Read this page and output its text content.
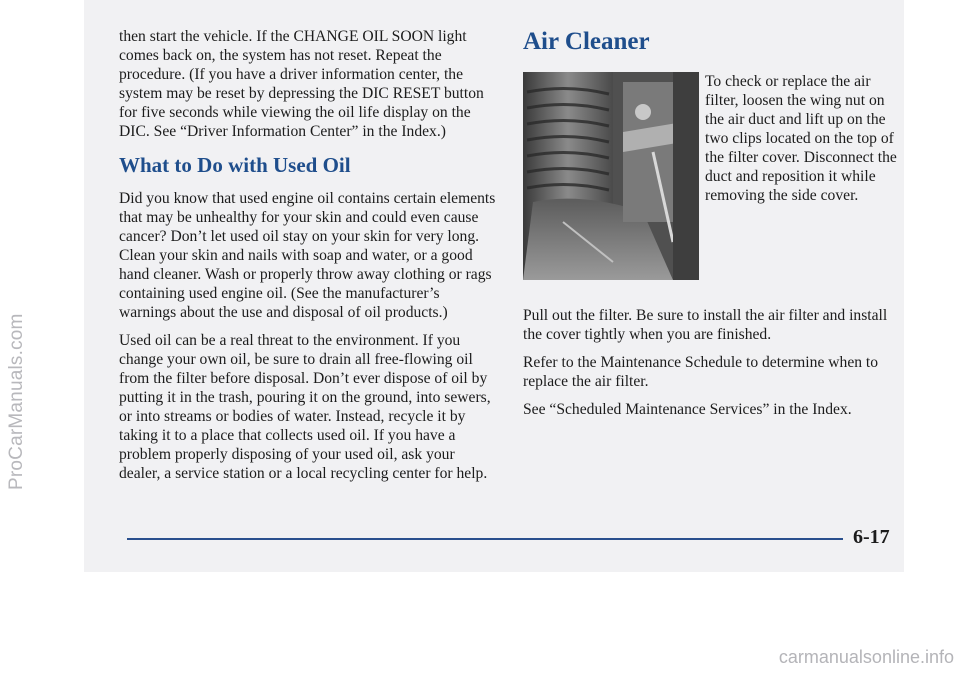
ProCarManuals.com

then start the vehicle. If the CHANGE OIL SOON light comes back on, the system has not reset. Repeat the procedure. (If you have a driver information center, the system may be reset by depressing the DIC RESET button for five seconds while viewing the oil life display on the DIC. See “Driver Information Center” in the Index.)

What to Do with Used Oil

Did you know that used engine oil contains certain elements that may be unhealthy for your skin and could even cause cancer? Don’t let used oil stay on your skin for very long. Clean your skin and nails with soap and water, or a good hand cleaner. Wash or properly throw away clothing or rags containing used engine oil. (See the manufacturer’s warnings about the use and disposal of oil products.)

Used oil can be a real threat to the environment. If you change your own oil, be sure to drain all free-flowing oil from the filter before disposal. Don’t ever dispose of oil by putting it in the trash, pouring it on the ground, into sewers, or into streams or bodies of water. Instead, recycle it by taking it to a place that collects used oil. If you have a problem properly disposing of your used oil, ask your dealer, a service station or a local recycling center for help.

Air Cleaner

To check or replace the air filter, loosen the wing nut on the air duct and lift up on the two clips located on the top of the filter cover. Disconnect the duct and reposition it while removing the side cover.

Pull out the filter. Be sure to install the air filter and install the cover tightly when you are finished.

Refer to the Maintenance Schedule to determine when to replace the air filter.

See “Scheduled Maintenance Services” in the Index.

6-17
carmanualsonline.info
